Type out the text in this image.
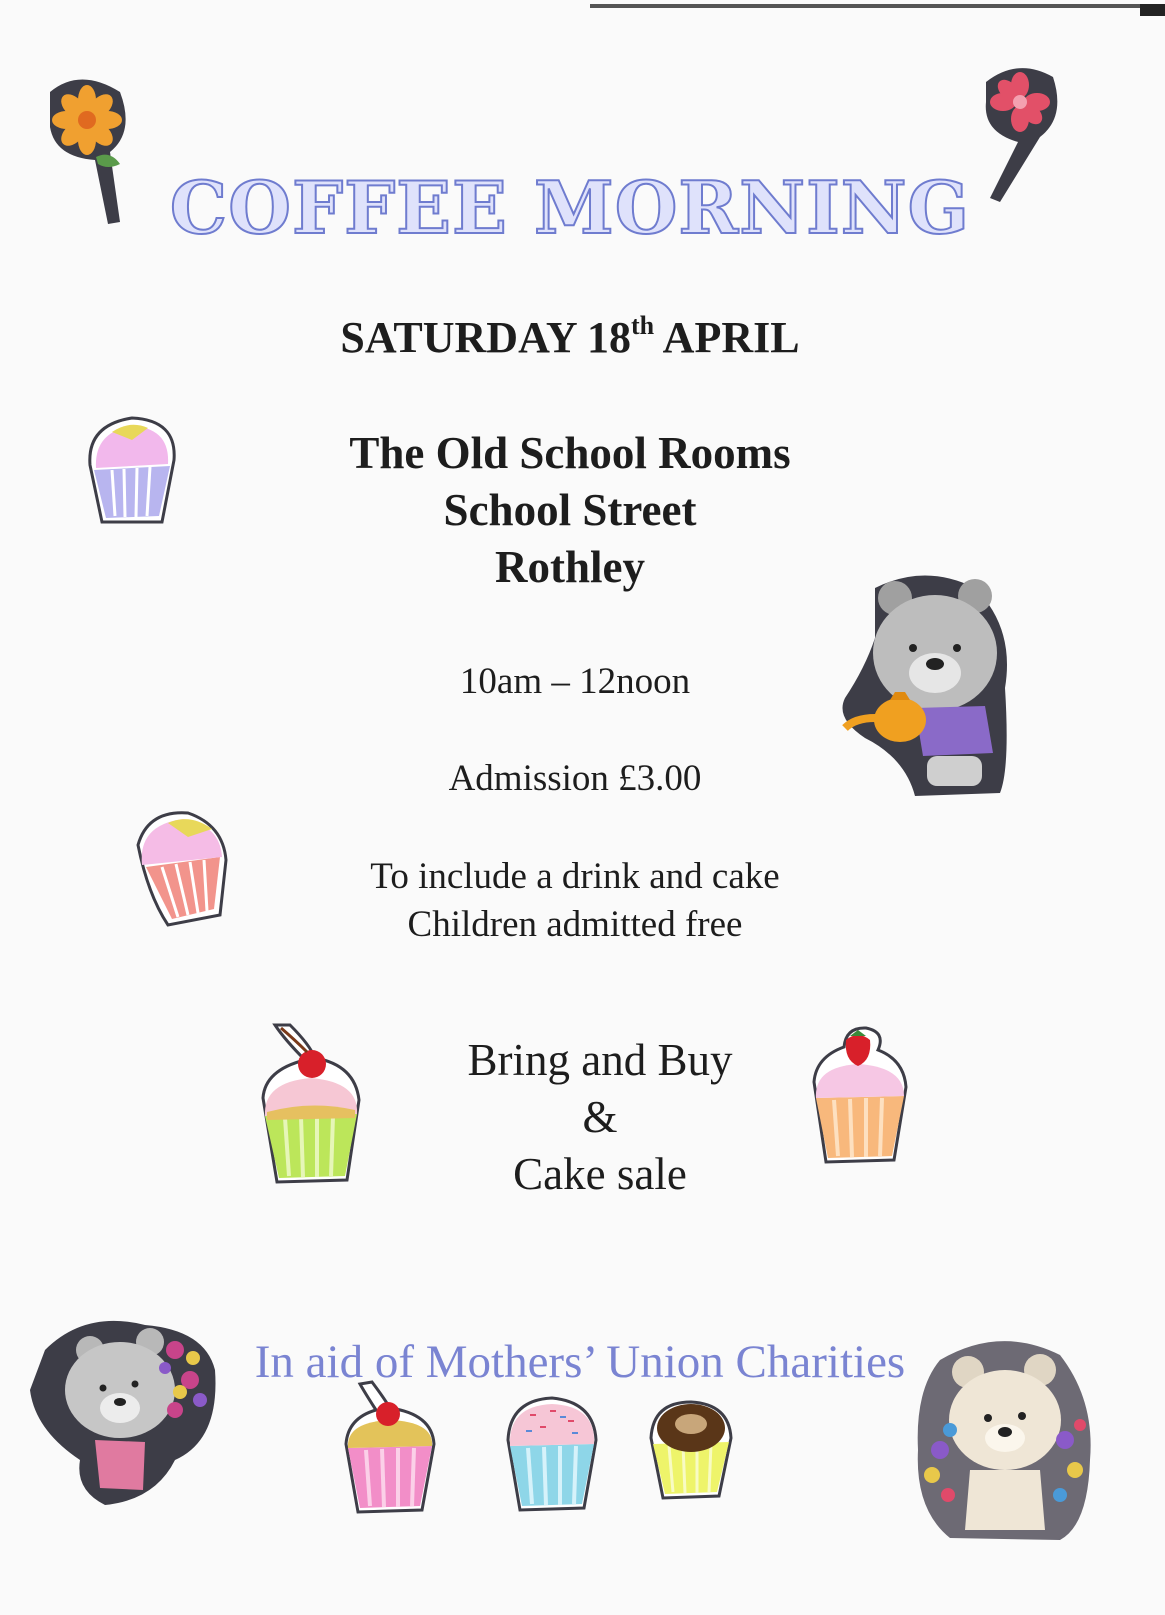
COFFEE MORNING
SATURDAY 18th APRIL
The Old School Rooms
School Street
Rothley
10am – 12noon
Admission £3.00
To include a drink and cake
Children admitted free
Bring and Buy
&
Cake sale
In aid of Mothers’ Union Charities
